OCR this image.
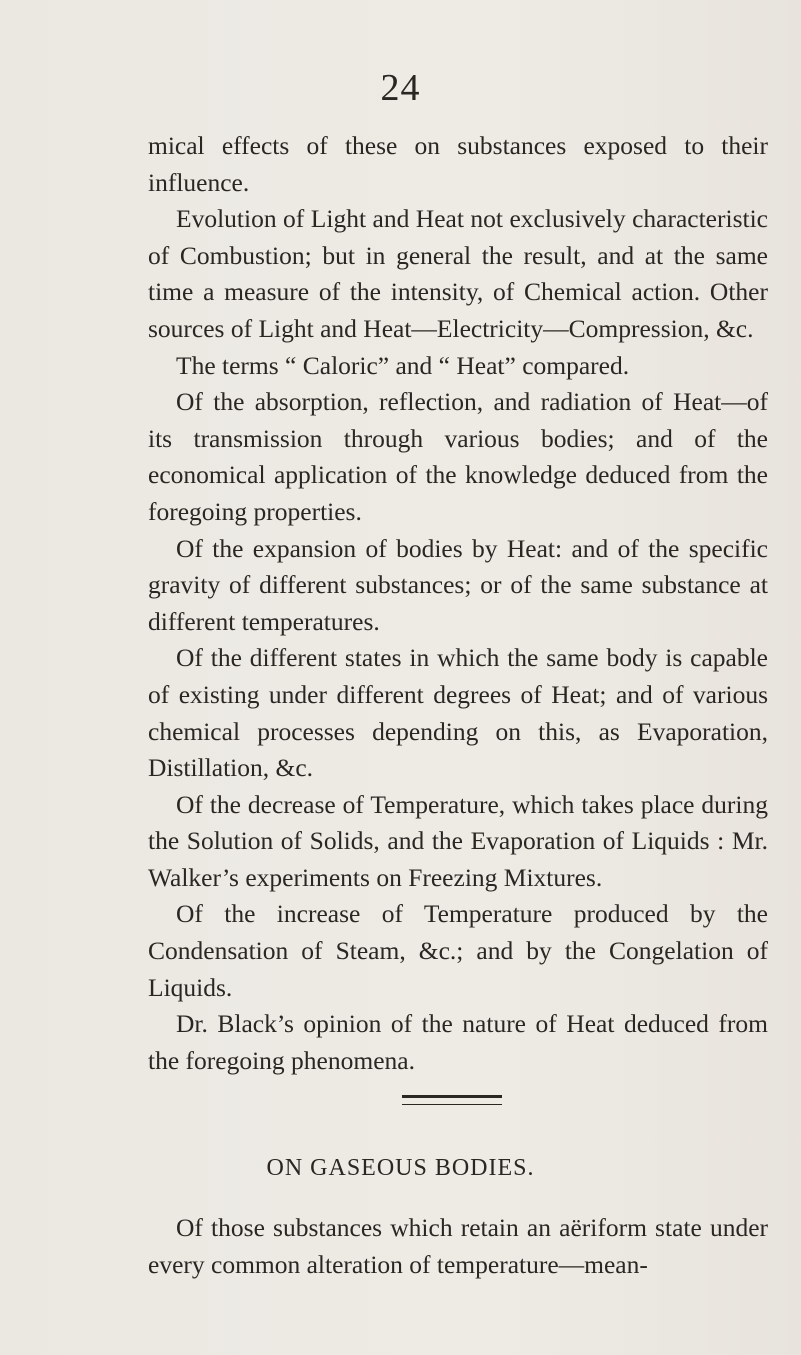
24

mical effects of these on substances exposed to their influence.

Evolution of Light and Heat not exclusively characteristic of Combustion; but in general the result, and at the same time a measure of the intensity, of Chemical action. Other sources of Light and Heat—Electricity—Compression, &c.

The terms “ Caloric” and “ Heat” compared.

Of the absorption, reflection, and radiation of Heat—of its transmission through various bodies; and of the economical application of the knowledge deduced from the foregoing properties.

Of the expansion of bodies by Heat: and of the specific gravity of different substances; or of the same substance at different temperatures.

Of the different states in which the same body is capable of existing under different degrees of Heat; and of various chemical processes depending on this, as Evaporation, Distillation, &c.

Of the decrease of Temperature, which takes place during the Solution of Solids, and the Evaporation of Liquids : Mr. Walker’s experiments on Freezing Mixtures.

Of the increase of Temperature produced by the Condensation of Steam, &c.; and by the Congelation of Liquids.

Dr. Black’s opinion of the nature of Heat deduced from the foregoing phenomena.

ON GASEOUS BODIES.

Of those substances which retain an aëriform state under every common alteration of temperature—mean-
